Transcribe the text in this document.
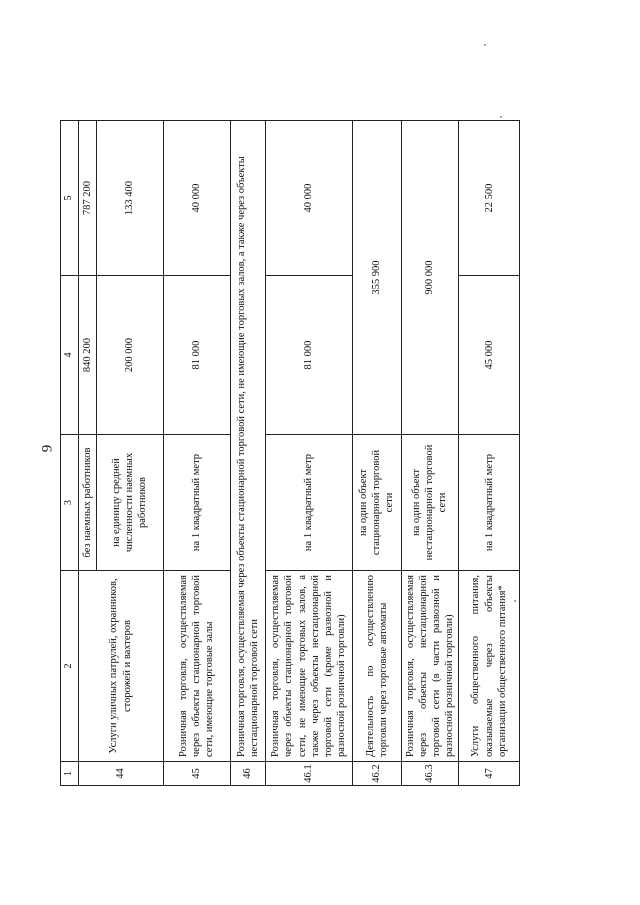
9
1	2	3	4	5
44	Услуги уличных патрулей, охранников, сторожей и вахтеров	без наемных работников	840 200	787 200
		на единицу средней численности наемных работников	200 000	133 400
45	Розничная торговля, осуществляемая через объекты стационарной торговой сети, имеющие торговые залы	на 1 квадратный метр	81 000	40 000
46	Розничная торговля, осуществляемая через объекты стационарной торговой сети, не имеющие торговых залов, а также через объекты нестационарной торговой сети			
46.1	Розничная торговля, осуществляемая через объекты стационарной торговой сети, не имеющие торговых залов, а также через объекты нестационарной торговой сети (кроме развозной и разносной розничной торговли)	на 1 квадратный метр	81 000	40 000
46.2	Деятельность по осуществлению торговли через торговые автоматы	на один объект стационарной торговой сети	355 900	
46.3	Розничная торговля, осуществляемая через объекты нестационарной торговой сети (в части развозной и разносной розничной торговли)	на один объект нестационарной торговой сети	900 000	
47	Услуги общественного питания, оказываемые через объекты организации общественного питания*	на 1 квадратный метр	45 000	22 500
